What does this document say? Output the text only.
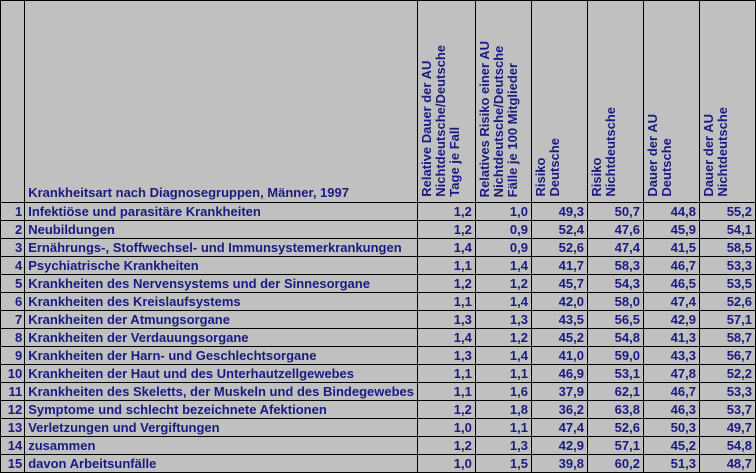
	Krankheitsart nach Diagnosegruppen, Männer, 1997	Relative Dauer der AU
Nichtdeutsche/Deutsche
Tage je Fall	Relatives Risiko einer AU
Nichtdeutsche/Deutsche
Fälle je 100 Mitglieder	Risiko
Deutsche	Risiko
Nichtdeutsche	Dauer der AU
Deutsche	Dauer der AU
Nichtdeutsche
1	Infektiöse und parasitäre Krankheiten	1,2	1,0	49,3	50,7	44,8	55,2
2	Neubildungen	1,2	0,9	52,4	47,6	45,9	54,1
3	Ernährungs-, Stoffwechsel- und Immunsystemerkrankungen	1,4	0,9	52,6	47,4	41,5	58,5
4	Psychiatrische Krankheiten	1,1	1,4	41,7	58,3	46,7	53,3
5	Krankheiten des Nervensystems und der Sinnesorgane	1,2	1,2	45,7	54,3	46,5	53,5
6	Krankheiten des Kreislaufsystems	1,1	1,4	42,0	58,0	47,4	52,6
7	Krankheiten der Atmungsorgane	1,3	1,3	43,5	56,5	42,9	57,1
8	Krankheiten der Verdauungsorgane	1,4	1,2	45,2	54,8	41,3	58,7
9	Krankheiten der Harn- und Geschlechtsorgane	1,3	1,4	41,0	59,0	43,3	56,7
10	Krankheiten der Haut und des Unterhautzellgewebes	1,1	1,1	46,9	53,1	47,8	52,2
11	Krankheiten des Skeletts, der Muskeln und des Bindegewebes	1,1	1,6	37,9	62,1	46,7	53,3
12	Symptome und schlecht bezeichnete Afektionen	1,2	1,8	36,2	63,8	46,3	53,7
13	Verletzungen und Vergiftungen	1,0	1,1	47,4	52,6	50,3	49,7
14	zusammen	1,2	1,3	42,9	57,1	45,2	54,8
15	davon Arbeitsunfälle	1,0	1,5	39,8	60,2	51,3	48,7
